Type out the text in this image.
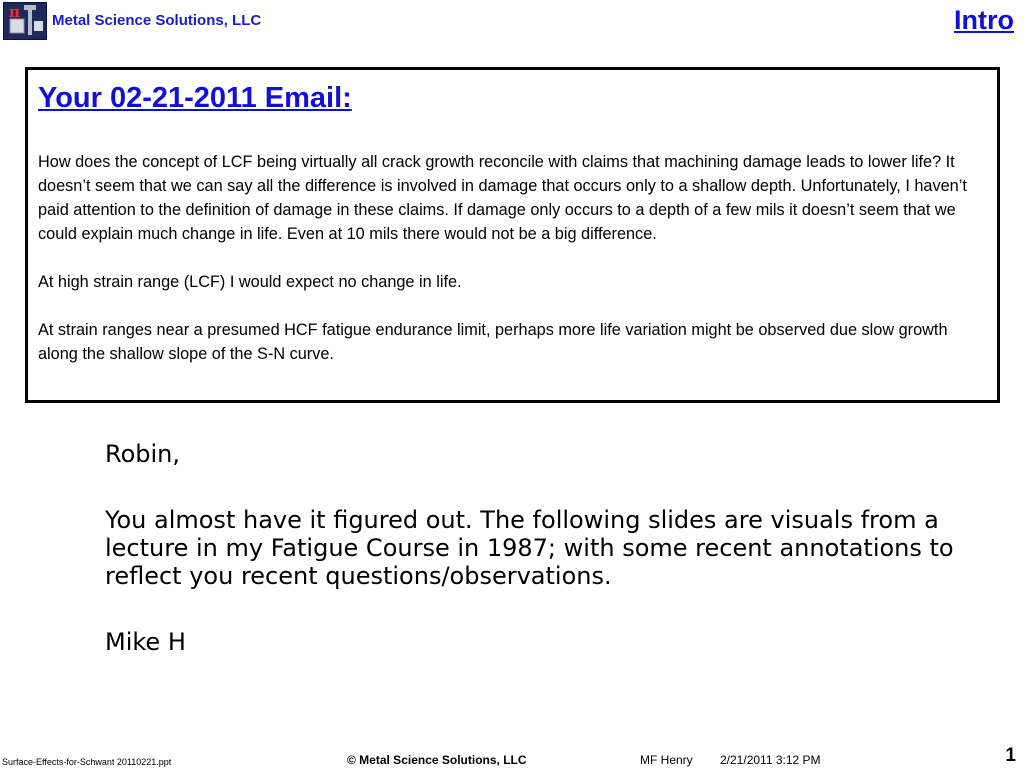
π Metal Science Solutions, LLC	Intro
Your 02-21-2011 Email:

How does the concept of LCF being virtually all crack growth reconcile with claims that machining damage leads to lower life? It doesn’t seem that we can say all the difference is involved in damage that occurs only to a shallow depth. Unfortunately, I haven’t paid attention to the definition of damage in these claims. If damage only occurs to a depth of a few mils it doesn’t seem that we could explain much change in life. Even at 10 mils there would not be a big difference.

At high strain range (LCF) I would expect no change in life.

At strain ranges near a presumed HCF fatigue endurance limit, perhaps more life variation might be observed due slow growth along the shallow slope of the S-N curve.

Robin,

You almost have it figured out. The following slides are visuals from a lecture in my Fatigue Course in 1987; with some recent annotations to reflect you recent questions/observations.

Mike H

Surface-Effects-for-Schwant 20110221.ppt	© Metal Science Solutions, LLC	MF Henry 2/21/2011 3:12 PM	1
